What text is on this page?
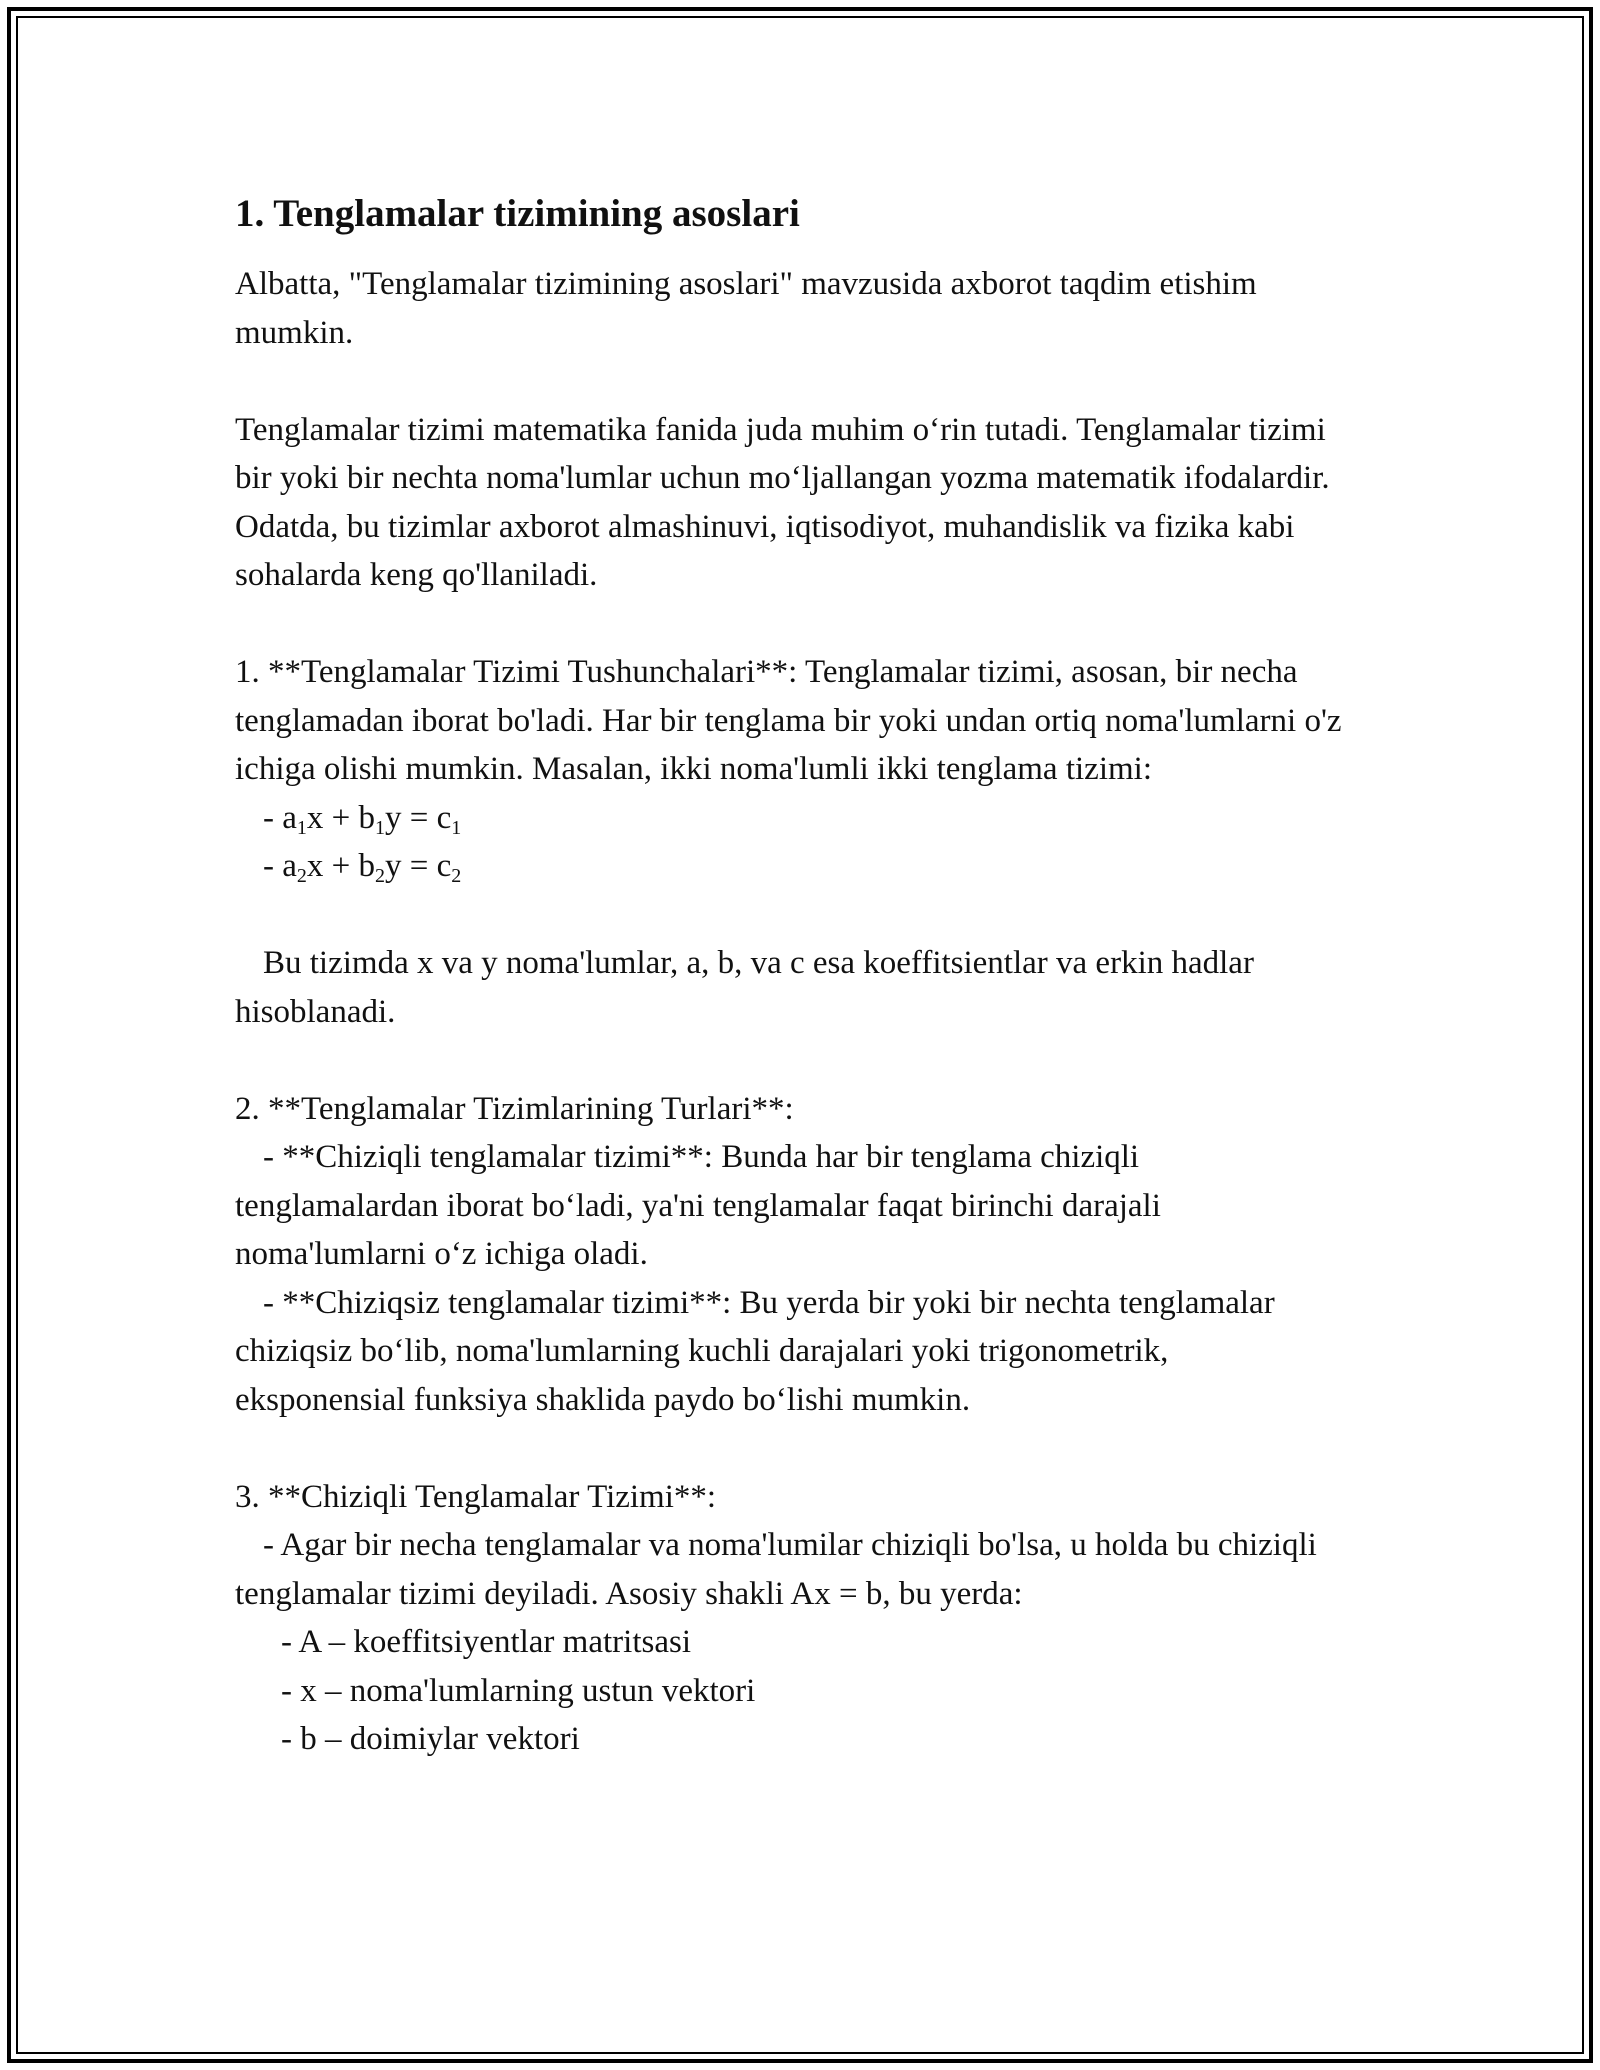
1. Tenglamalar tizimining asoslari

Albatta, "Tenglamalar tizimining asoslari" mavzusida axborot taqdim etishim mumkin.

Tenglamalar tizimi matematika fanida juda muhim o‘rin tutadi. Tenglamalar tizimi bir yoki bir nechta noma'lumlar uchun mo‘ljallangan yozma matematik ifodalardir. Odatda, bu tizimlar axborot almashinuvi, iqtisodiyot, muhandislik va fizika kabi sohalarda keng qo'llaniladi.

1. **Tenglamalar Tizimi Tushunchalari**: Tenglamalar tizimi, asosan, bir necha tenglamadan iborat bo'ladi. Har bir tenglama bir yoki undan ortiq noma'lumlarni o'z ichiga olishi mumkin. Masalan, ikki noma'lumli ikki tenglama tizimi:

- $a_1x + b_1y = c_1$
- $a_2x + b_2y = c_2$

Bu tizimda x va y noma'lumlar, a, b, va c esa koeffitsientlar va erkin hadlar hisoblanadi.

2. **Tenglamalar Tizimlarining Turlari**:

- **Chiziqli tenglamalar tizimi**: Bunda har bir tenglama chiziqli tenglamalardan iborat bo‘ladi, ya'ni tenglamalar faqat birinchi darajali noma'lumlarni o‘z ichiga oladi.

- **Chiziqsiz tenglamalar tizimi**: Bu yerda bir yoki bir nechta tenglamalar chiziqsiz bo‘lib, noma'lumlarning kuchli darajalari yoki trigonometrik, eksponensial funksiya shaklida paydo bo‘lishi mumkin.

3. **Chiziqli Tenglamalar Tizimi**:

- Agar bir necha tenglamalar va noma'lumilar chiziqli bo'lsa, u holda bu chiziqli tenglamalar tizimi deyiladi. Asosiy shakli Ax = b, bu yerda:

- A – koeffitsiyentlar matritsasi
- x – noma'lumlarning ustun vektori
- b – doimiylar vektori
